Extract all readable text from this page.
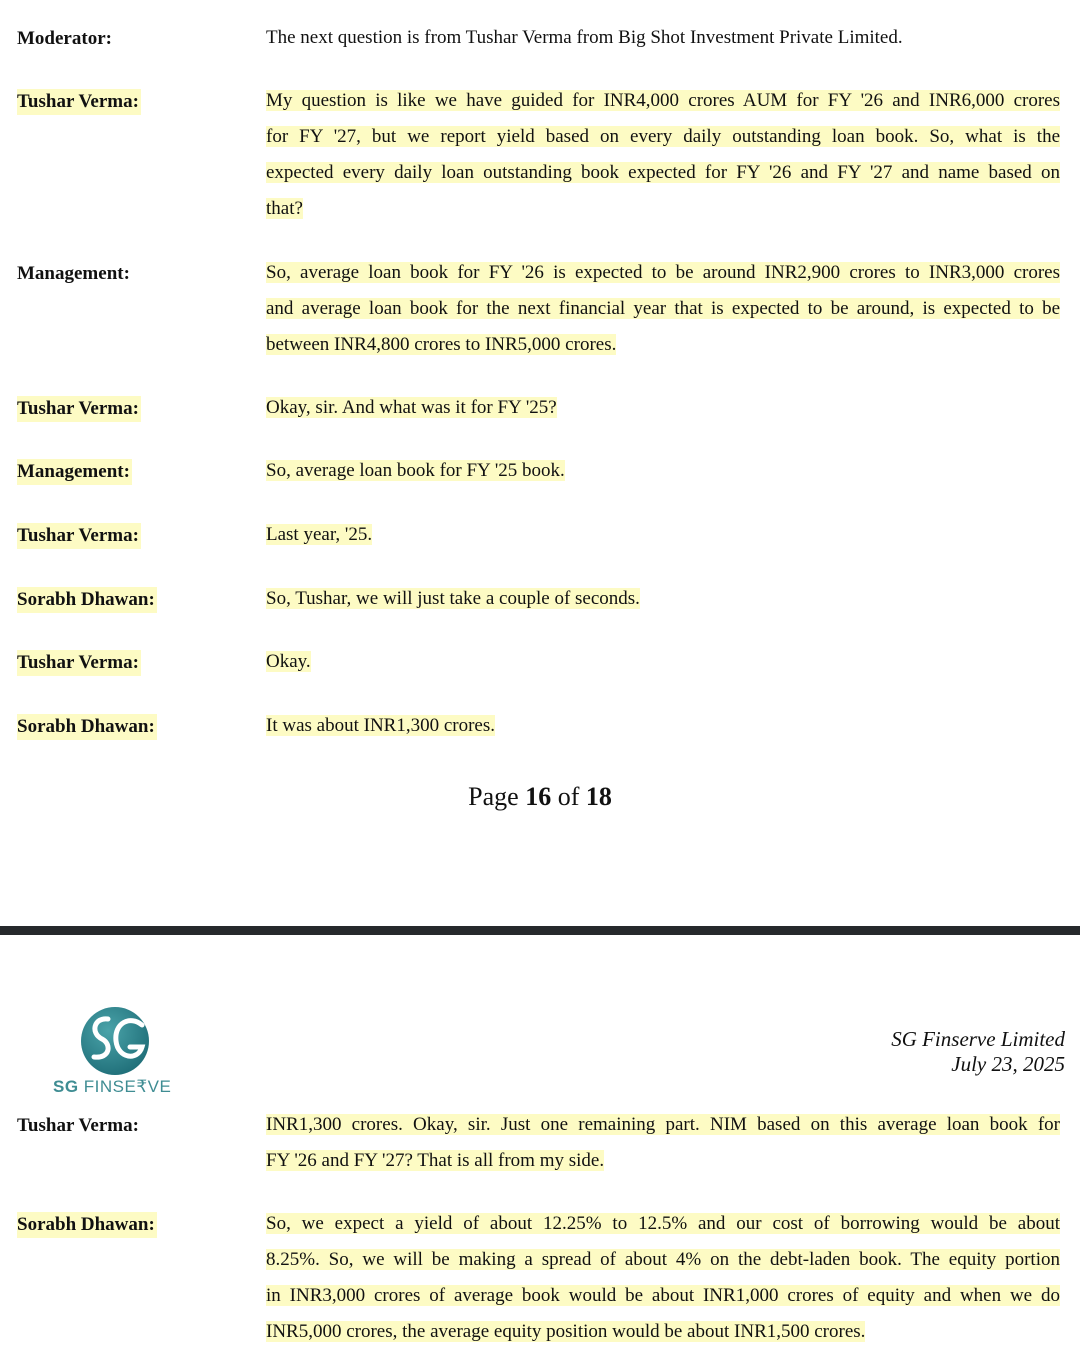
Moderator:	The next question is from Tushar Verma from Big Shot Investment Private Limited.
Tushar Verma:	My question is like we have guided for INR4,000 crores AUM for FY '26 and INR6,000 crores
for FY '27, but we report yield based on every daily outstanding loan book. So, what is the
expected every daily loan outstanding book expected for FY '26 and FY '27 and name based on
that?
Management:	So, average loan book for FY '26 is expected to be around INR2,900 crores to INR3,000 crores
and average loan book for the next financial year that is expected to be around, is expected to be
between INR4,800 crores to INR5,000 crores.
Tushar Verma:	Okay, sir. And what was it for FY '25?
Management:	So, average loan book for FY '25 book.
Tushar Verma:	Last year, '25.
Sorabh Dhawan:	So, Tushar, we will just take a couple of seconds.
Tushar Verma:	Okay.
Sorabh Dhawan:	It was about INR1,300 crores.
Page 16 of 18
SG FINSE₹VE
SG Finserve Limited
July 23, 2025
Tushar Verma:	INR1,300 crores. Okay, sir. Just one remaining part. NIM based on this average loan book for
FY '26 and FY '27? That is all from my side.
Sorabh Dhawan:	So, we expect a yield of about 12.25% to 12.5% and our cost of borrowing would be about
8.25%. So, we will be making a spread of about 4% on the debt-laden book. The equity portion
in INR3,000 crores of average book would be about INR1,000 crores of equity and when we do
INR5,000 crores, the average equity position would be about INR1,500 crores.
